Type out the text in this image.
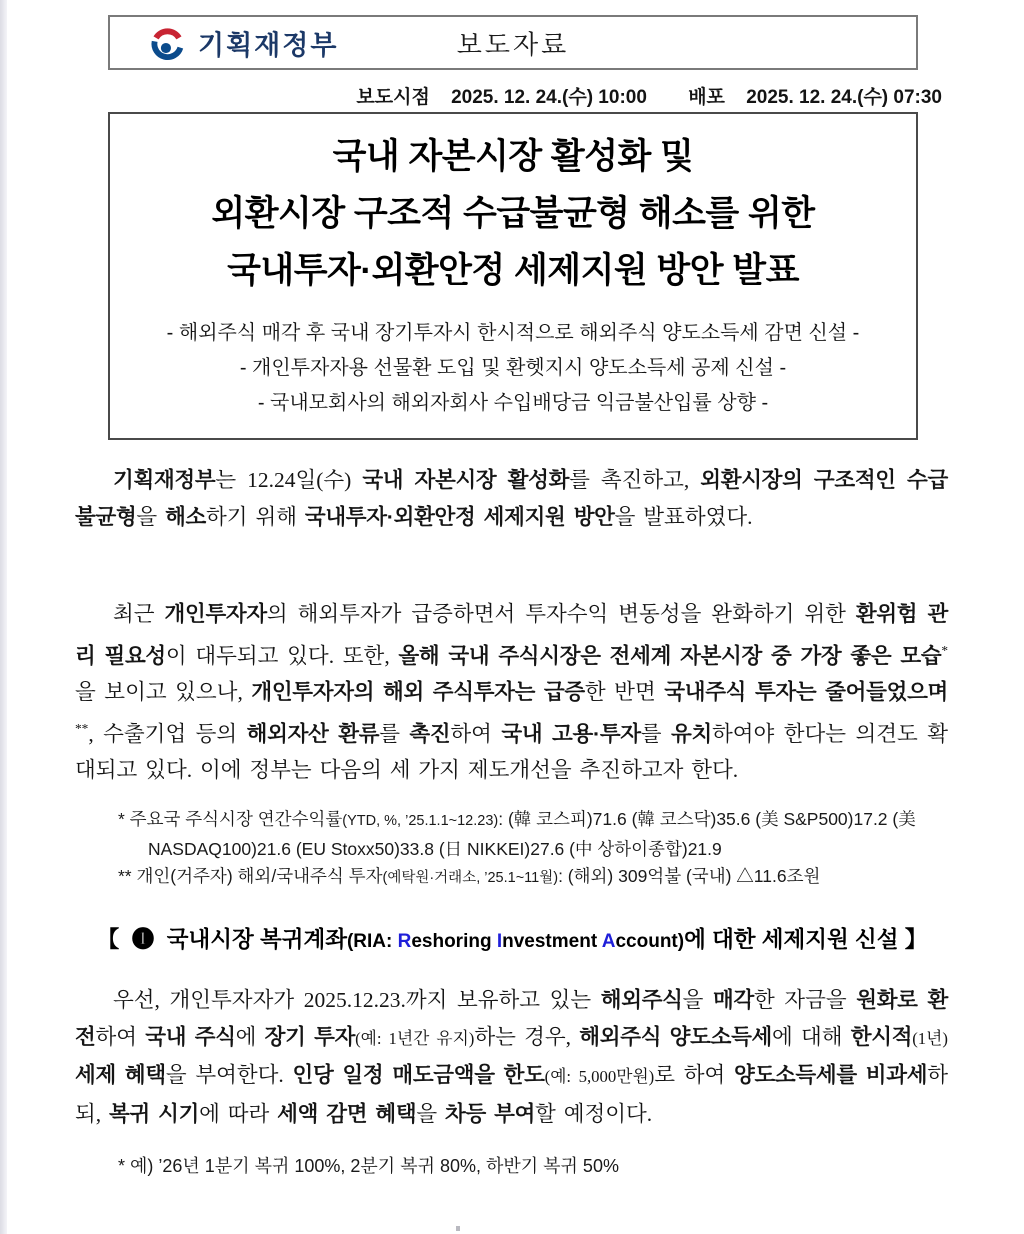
기획재정부	보도자료
보도시점 2025. 12. 24.(수) 10:00 배포 2025. 12. 24.(수) 07:30
국내 자본시장 활성화 및
외환시장 구조적 수급불균형 해소를 위한
국내투자·외환안정 세제지원 방안 발표
- 해외주식 매각 후 국내 장기투자시 한시적으로 해외주식 양도소득세 감면 신설 -
- 개인투자자용 선물환 도입 및 환헷지시 양도소득세 공제 신설 -
- 국내모회사의 해외자회사 수입배당금 익금불산입률 상향 -
기획재정부는 12.24일(수) 국내 자본시장 활성화를 촉진하고, 외환시장의 구조적인 수급 불균형을 해소하기 위해 국내투자·외환안정 세제지원 방안을 발표하였다.
최근 개인투자자의 해외투자가 급증하면서 투자수익 변동성을 완화하기 위한 환위험 관리 필요성이 대두되고 있다. 또한, 올해 국내 주식시장은 전세계 자본시장 중 가장 좋은 모습*을 보이고 있으나, 개인투자자의 해외 주식투자는 급증한 반면 국내주식 투자는 줄어들었으며**, 수출기업 등의 해외자산 환류를 촉진하여 국내 고용·투자를 유치하여야 한다는 의견도 확대되고 있다. 이에 정부는 다음의 세 가지 제도개선을 추진하고자 한다.
* 주요국 주식시장 연간수익률(YTD, %, ’25.1.1~12.23): (韓 코스피)71.6 (韓 코스닥)35.6 (美 S&P500)17.2 (美 NASDAQ100)21.6 (EU Stoxx50)33.8 (日 NIKKEI)27.6 (中 상하이종합)21.9
** 개인(거주자) 해외/국내주식 투자(예탁원·거래소, ’25.1~11월): (해외) 309억불 (국내) △11.6조원
【  ❶  국내시장 복귀계좌(RIA: Reshoring Investment Account)에 대한 세제지원 신설 】
우선, 개인투자자가 2025.12.23.까지 보유하고 있는 해외주식을 매각한 자금을 원화로 환전하여 국내 주식에 장기 투자(예: 1년간 유지)하는 경우, 해외주식 양도소득세에 대해 한시적(1년) 세제 혜택을 부여한다. 인당 일정 매도금액을 한도(예: 5,000만원)로 하여 양도소득세를 비과세하되, 복귀 시기에 따라 세액 감면 혜택을 차등 부여할 예정이다.
* 예) ’26년 1분기 복귀 100%, 2분기 복귀 80%, 하반기 복귀 50%
